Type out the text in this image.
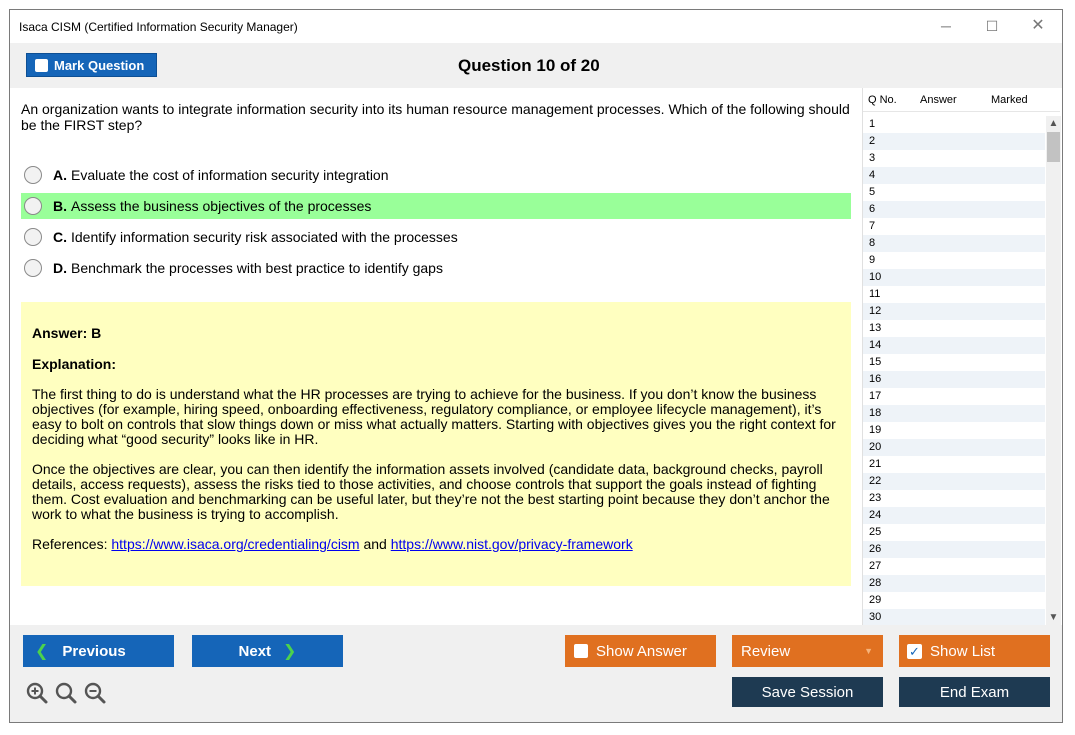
Isaca CISM (Certified Information Security Manager)	─	☐	✕
Mark Question	Question 10 of 20
An organization wants to integrate information security into its human resource management processes. Which of the following should be the FIRST step?
A. Evaluate the cost of information security integration
B. Assess the business objectives of the processes
C. Identify information security risk associated with the processes
D. Benchmark the processes with best practice to identify gaps
Answer: B
Explanation:

The first thing to do is understand what the HR processes are trying to achieve for the business. If you don’t know the business objectives (for example, hiring speed, onboarding effectiveness, regulatory compliance, or employee lifecycle management), it’s easy to bolt on controls that slow things down or miss what actually matters. Starting with objectives gives you the right context for deciding what “good security” looks like in HR.

Once the objectives are clear, you can then identify the information assets involved (candidate data, background checks, payroll details, access requests), assess the risks tied to those activities, and choose controls that support the goals instead of fighting them. Cost evaluation and benchmarking can be useful later, but they’re not the best starting point because they don’t anchor the work to what the business is trying to accomplish.

References: https://www.isaca.org/credentialing/cism and https://www.nist.gov/privacy-framework

Q No.	Answer	Marked
1
2
3
4
5
6
7
8
9
10
11
12
13
14
15
16
17
18
19
20
21
22
23
24
25
26
27
28
29
30
▲
▼
❮ Previous	Next ❯	Show Answer	Review	▼	✓ Show List
Save Session	End Exam
